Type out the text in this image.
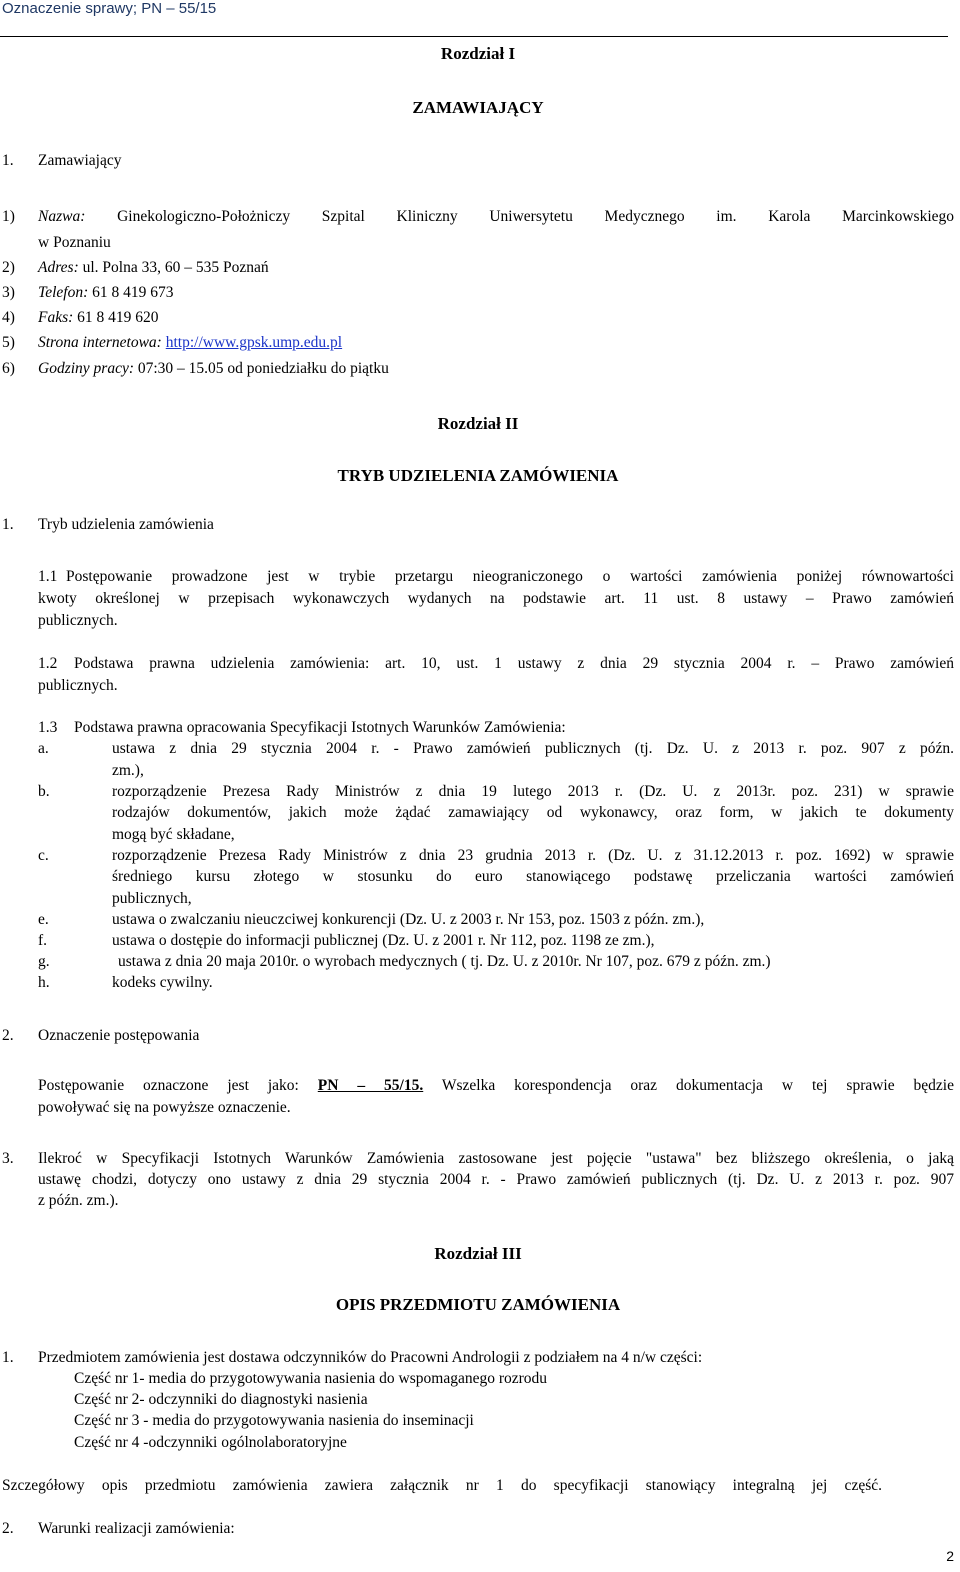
Oznaczenie sprawy; PN – 55/15
Rozdział I
ZAMAWIAJĄCY
1. Zamawiający
1) Nazwa: Ginekologiczno-Położniczy Szpital Kliniczny Uniwersytetu Medycznego im. Karola Marcinkowskiego
w Poznaniu
2) Adres: ul. Polna 33, 60 – 535 Poznań
3) Telefon: 61 8 419 673
4) Faks: 61 8 419 620
5) Strona internetowa: http://www.gpsk.ump.edu.pl
6) Godziny pracy: 07:30 – 15.05 od poniedziałku do piątku
Rozdział II
TRYB UDZIELENIA ZAMÓWIENIA
1. Tryb udzielenia zamówienia
1.1 Postępowanie prowadzone jest w trybie przetargu nieograniczonego o wartości zamówienia poniżej równowartości
kwoty określonej w przepisach wykonawczych wydanych na podstawie art. 11 ust. 8 ustawy – Prawo zamówień
publicznych.
1.2 Podstawa prawna udzielenia zamówienia: art. 10, ust. 1 ustawy z dnia 29 stycznia 2004 r. – Prawo zamówień
publicznych.
1.3 Podstawa prawna opracowania Specyfikacji Istotnych Warunków Zamówienia:
a.	ustawa z dnia 29 stycznia 2004 r. - Prawo zamówień publicznych (tj. Dz. U. z 2013 r. poz. 907 z późn.
zm.),
b.	rozporządzenie Prezesa Rady Ministrów z dnia 19 lutego 2013 r. (Dz. U. z 2013r. poz. 231) w sprawie
rodzajów dokumentów, jakich może żądać zamawiający od wykonawcy, oraz form, w jakich te dokumenty
mogą być składane,
c.	rozporządzenie Prezesa Rady Ministrów z dnia 23 grudnia 2013 r. (Dz. U. z 31.12.2013 r. poz. 1692) w sprawie
średniego kursu złotego w stosunku do euro stanowiącego podstawę przeliczania wartości zamówień
publicznych,
e.	ustawa o zwalczaniu nieuczciwej konkurencji (Dz. U. z 2003 r. Nr 153, poz. 1503 z późn. zm.),
f.	ustawa o dostępie do informacji publicznej (Dz. U. z 2001 r. Nr 112, poz. 1198 ze zm.),
g.	ustawa z dnia 20 maja 2010r. o wyrobach medycznych ( tj. Dz. U. z 2010r. Nr 107, poz. 679 z późn. zm.)
h.	kodeks cywilny.
2. Oznaczenie postępowania
Postępowanie oznaczone jest jako: PN – 55/15. Wszelka korespondencja oraz dokumentacja w tej sprawie będzie
powoływać się na powyższe oznaczenie.
3. Ilekroć w Specyfikacji Istotnych Warunków Zamówienia zastosowane jest pojęcie "ustawa" bez bliższego określenia, o jaką
ustawę chodzi, dotyczy ono ustawy z dnia 29 stycznia 2004 r. - Prawo zamówień publicznych (tj. Dz. U. z 2013 r. poz. 907
z późn. zm.).
Rozdział III
OPIS PRZEDMIOTU ZAMÓWIENIA
1. Przedmiotem zamówienia jest dostawa odczynników do Pracowni Andrologii z podziałem na 4 n/w części:
Część nr 1- media do przygotowywania nasienia do wspomaganego rozrodu
Część nr 2- odczynniki do diagnostyki nasienia
Część nr 3 - media do przygotowywania nasienia do inseminacji
Część nr 4 -odczynniki ogólnolaboratoryjne
Szczegółowy opis przedmiotu zamówienia zawiera załącznik nr 1 do specyfikacji stanowiący integralną jej część.
2. Warunki realizacji zamówienia:
2
